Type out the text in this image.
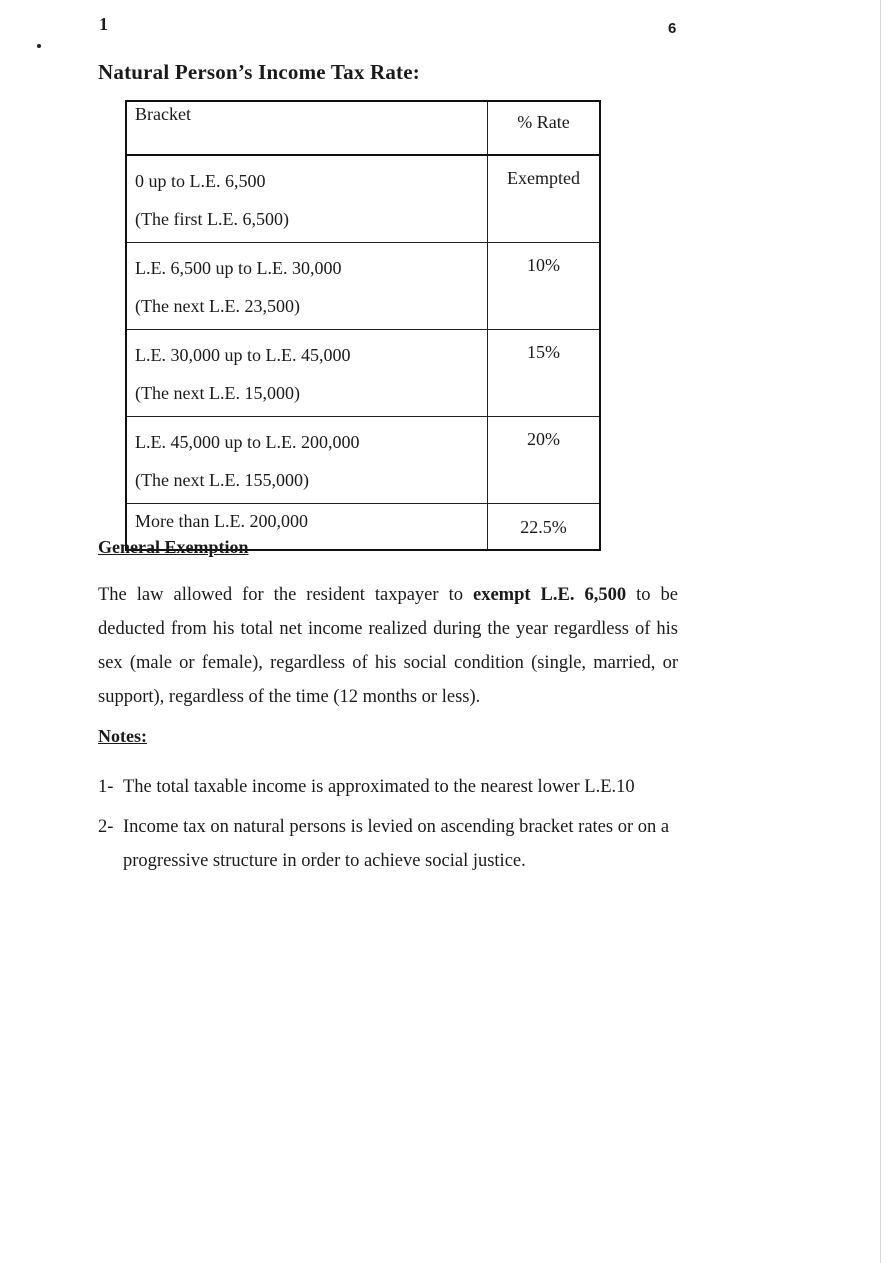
1	6
Natural Person’s Income Tax Rate:
Bracket	% Rate

0 up to L.E. 6,500
(The first L.E. 6,500)	Exempted

L.E. 6,500 up to L.E. 30,000
(The next L.E. 23,500)	10%

L.E. 30,000 up to L.E. 45,000
(The next L.E. 15,000)	15%

L.E. 45,000 up to L.E. 200,000
(The next L.E. 155,000)	20%

More than L.E. 200,000	22.5%
General Exemption

The law allowed for the resident taxpayer to exempt L.E. 6,500 to be deducted from his total net income realized during the year regardless of his sex (male or female), regardless of his social condition (single, married, or support), regardless of the time (12 months or less).

Notes:
1- The total taxable income is approximated to the nearest lower L.E.10
2- Income tax on natural persons is levied on ascending bracket rates or on a progressive structure in order to achieve social justice.
